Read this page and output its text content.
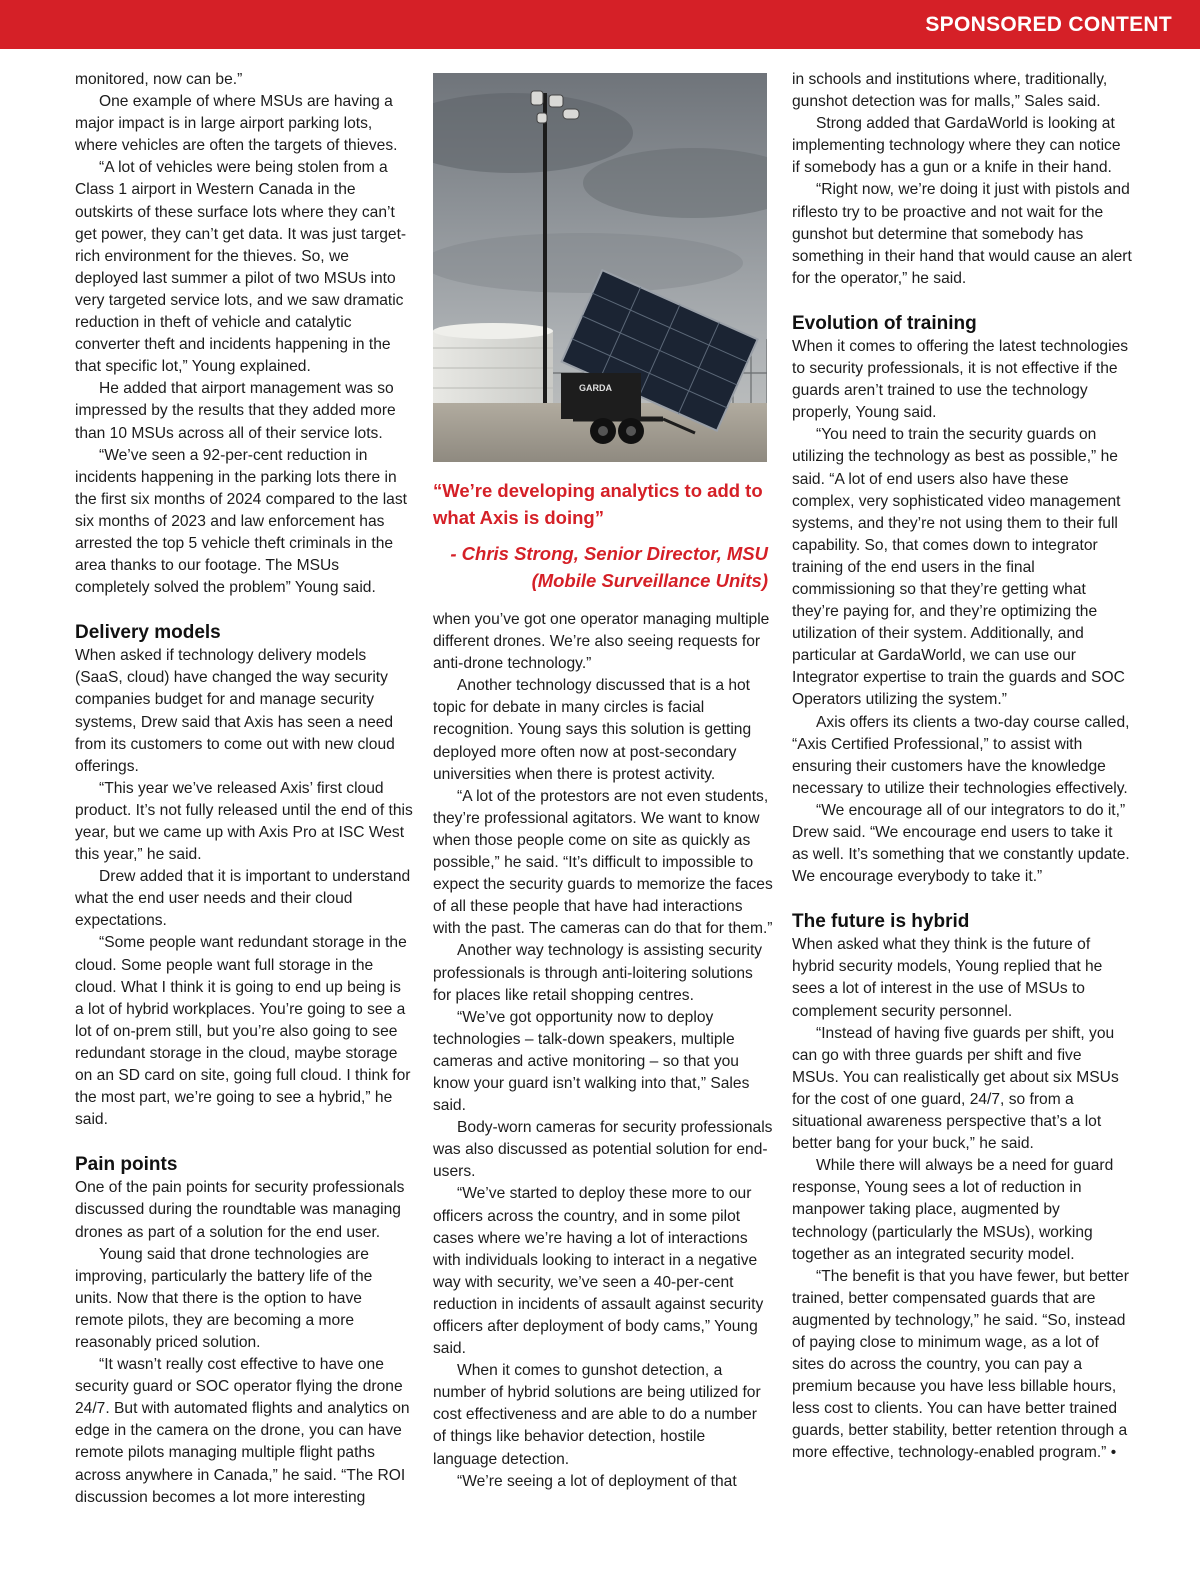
SPONSORED CONTENT

monitored, now can be.”

One example of where MSUs are having a major impact is in large airport parking lots, where vehicles are often the targets of thieves.

“A lot of vehicles were being stolen from a Class 1 airport in Western Canada in the outskirts of these surface lots where they can’t get power, they can’t get data. It was just target-rich environment for the thieves. So, we deployed last summer a pilot of two MSUs into very targeted service lots, and we saw dramatic reduction in theft of vehicle and catalytic converter theft and incidents happening in the that specific lot,” Young explained.

He added that airport management was so impressed by the results that they added more than 10 MSUs across all of their service lots.

“We’ve seen a 92-per-cent reduction in incidents happening in the parking lots there in the first six months of 2024 compared to the last six months of 2023 and law enforcement has arrested the top 5 vehicle theft criminals in the area thanks to our footage. The MSUs completely solved the problem” Young said.

Delivery models

When asked if technology delivery models (SaaS, cloud) have changed the way security companies budget for and manage security systems, Drew said that Axis has seen a need from its customers to come out with new cloud offerings.

“This year we’ve released Axis’ first cloud product. It’s not fully released until the end of this year, but we came up with Axis Pro at ISC West this year,” he said.

Drew added that it is important to understand what the end user needs and their cloud expectations.

“Some people want redundant storage in the cloud. Some people want full storage in the cloud. What I think it is going to end up being is a lot of hybrid workplaces. You’re going to see a lot of on-prem still, but you’re also going to see redundant storage in the cloud, maybe storage on an SD card on site, going full cloud. I think for the most part, we’re going to see a hybrid,” he said.

Pain points

One of the pain points for security professionals discussed during the roundtable was managing drones as part of a solution for the end user.

Young said that drone technologies are improving, particularly the battery life of the units. Now that there is the option to have remote pilots, they are becoming a more reasonably priced solution.

“It wasn’t really cost effective to have one security guard or SOC operator flying the drone 24/7. But with automated flights and analytics on edge in the camera on the drone, you can have remote pilots managing multiple flight paths across anywhere in Canada,” he said. “The ROI discussion becomes a lot more interesting

GARDA
“We’re developing analytics to add to what Axis is doing”
- Chris Strong, Senior Director, MSU (Mobile Surveillance Units)

when you’ve got one operator managing multiple different drones. We’re also seeing requests for anti-drone technology.”

Another technology discussed that is a hot topic for debate in many circles is facial recognition. Young says this solution is getting deployed more often now at post-secondary universities when there is protest activity.

“A lot of the protestors are not even students, they’re professional agitators. We want to know when those people come on site as quickly as possible,” he said. “It’s difficult to impossible to expect the security guards to memorize the faces of all these people that have had interactions with the past. The cameras can do that for them.”

Another way technology is assisting security professionals is through anti-loitering solutions for places like retail shopping centres.

“We’ve got opportunity now to deploy technologies – talk-down speakers, multiple cameras and active monitoring – so that you know your guard isn’t walking into that,” Sales said.

Body-worn cameras for security professionals was also discussed as potential solution for end-users.

“We’ve started to deploy these more to our officers across the country, and in some pilot cases where we’re having a lot of interactions with individuals looking to interact in a negative way with security, we’ve seen a 40-per-cent reduction in incidents of assault against security officers after deployment of body cams,” Young said.

When it comes to gunshot detection, a number of hybrid solutions are being utilized for cost effectiveness and are able to do a number of things like behavior detection, hostile language detection.

“We’re seeing a lot of deployment of that

in schools and institutions where, traditionally, gunshot detection was for malls,” Sales said.

Strong added that GardaWorld is looking at implementing technology where they can notice if somebody has a gun or a knife in their hand.

“Right now, we’re doing it just with pistols and riflesto try to be proactive and not wait for the gunshot but determine that somebody has something in their hand that would cause an alert for the operator,” he said.

Evolution of training

When it comes to offering the latest technologies to security professionals, it is not effective if the guards aren’t trained to use the technology properly, Young said.

“You need to train the security guards on utilizing the technology as best as possible,” he said. “A lot of end users also have these complex, very sophisticated video management systems, and they’re not using them to their full capability. So, that comes down to integrator training of the end users in the final commissioning so that they’re getting what they’re paying for, and they’re optimizing the utilization of their system. Additionally, and particular at GardaWorld, we can use our Integrator expertise to train the guards and SOC Operators utilizing the system.”

Axis offers its clients a two-day course called, “Axis Certified Professional,” to assist with ensuring their customers have the knowledge necessary to utilize their technologies effectively.

“We encourage all of our integrators to do it,” Drew said. “We encourage end users to take it as well. It’s something that we constantly update. We encourage everybody to take it.”

The future is hybrid

When asked what they think is the future of hybrid security models, Young replied that he sees a lot of interest in the use of MSUs to complement security personnel.

“Instead of having five guards per shift, you can go with three guards per shift and five MSUs. You can realistically get about six MSUs for the cost of one guard, 24/7, so from a situational awareness perspective that’s a lot better bang for your buck,” he said.

While there will always be a need for guard response, Young sees a lot of reduction in manpower taking place, augmented by technology (particularly the MSUs), working together as an integrated security model.

“The benefit is that you have fewer, but better trained, better compensated guards that are augmented by technology,” he said. “So, instead of paying close to minimum wage, as a lot of sites do across the country, you can pay a premium because you have less billable hours, less cost to clients. You can have better trained guards, better stability, better retention through a more effective, technology-enabled program.” •
